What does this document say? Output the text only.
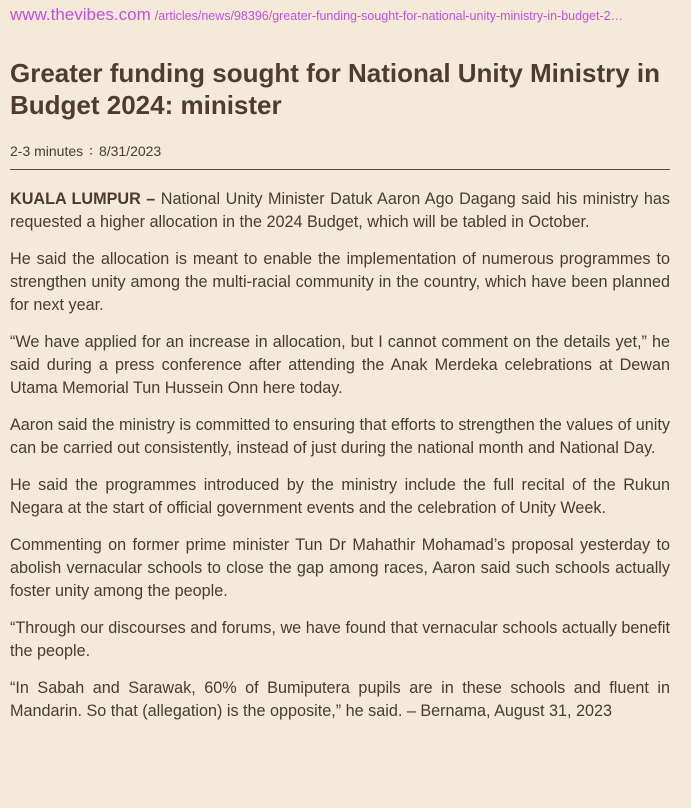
www.thevibes.com /articles/news/98396/greater-funding-sought-for-national-unity-ministry-in-budget-2…
Greater funding sought for National Unity Ministry in Budget 2024: minister
2-3 minutes ∶ 8/31/2023

KUALA LUMPUR – National Unity Minister Datuk Aaron Ago Dagang said his ministry has requested a higher allocation in the 2024 Budget, which will be tabled in October.

He said the allocation is meant to enable the implementation of numerous programmes to strengthen unity among the multi-racial community in the country, which have been planned for next year.

“We have applied for an increase in allocation, but I cannot comment on the details yet,” he said during a press conference after attending the Anak Merdeka celebrations at Dewan Utama Memorial Tun Hussein Onn here today.

Aaron said the ministry is committed to ensuring that efforts to strengthen the values of unity can be carried out consistently, instead of just during the national month and National Day.

He said the programmes introduced by the ministry include the full recital of the Rukun Negara at the start of official government events and the celebration of Unity Week.

Commenting on former prime minister Tun Dr Mahathir Mohamad’s proposal yesterday to abolish vernacular schools to close the gap among races, Aaron said such schools actually foster unity among the people.

“Through our discourses and forums, we have found that vernacular schools actually benefit the people.

“In Sabah and Sarawak, 60% of Bumiputera pupils are in these schools and fluent in Mandarin. So that (allegation) is the opposite,” he said. – Bernama, August 31, 2023
